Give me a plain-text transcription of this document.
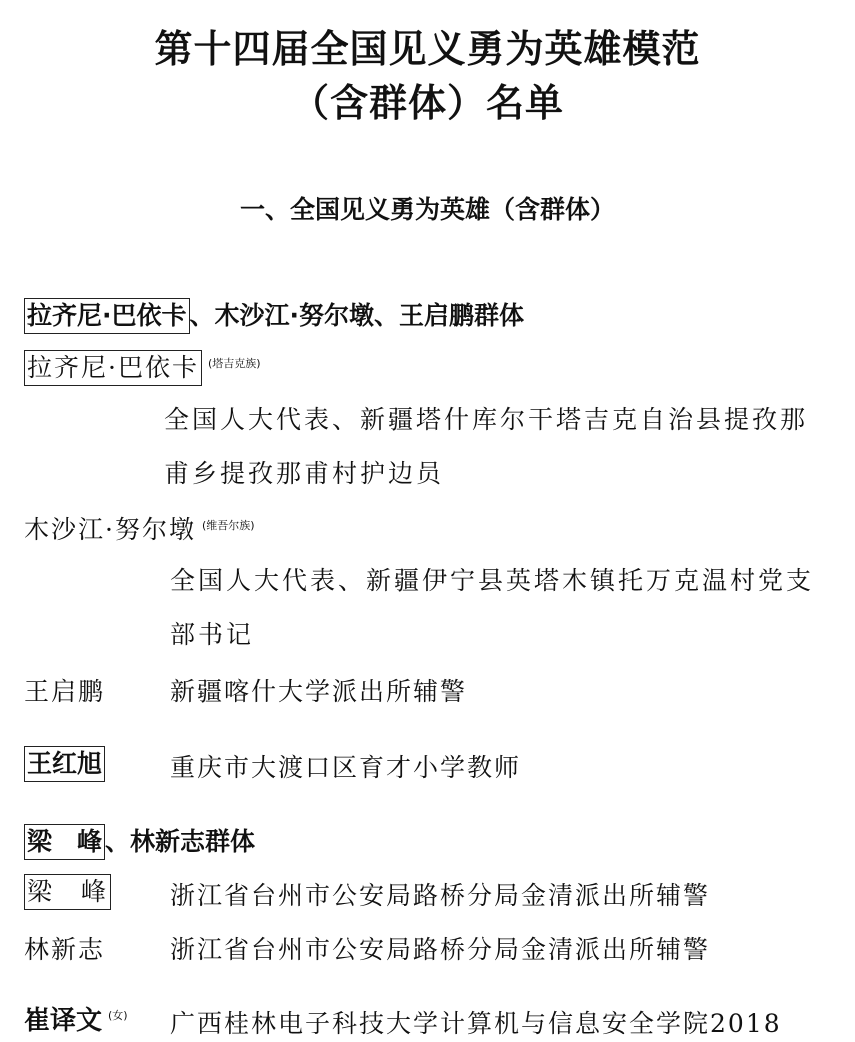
第十四届全国见义勇为英雄模范
（含群体）名单
一、全国见义勇为英雄（含群体）
拉齐尼·巴依卡 、木沙江·努尔墩、王启鹏群体
拉齐尼·巴依卡 $^{(塔吉克族)}$
全国人大代表、新疆塔什库尔干塔吉克自治县提孜那甫乡提孜那甫村护边员
木沙江·努尔墩 $^{(维吾尔族)}$
全国人大代表、新疆伊宁县英塔木镇托万克温村党支部书记
王启鹏	新疆喀什大学派出所辅警
王红旭	重庆市大渡口区育才小学教师
梁　峰 、林新志群体
梁　峰 浙江省台州市公安局路桥分局金清派出所辅警
林新志	浙江省台州市公安局路桥分局金清派出所辅警
崔译文 $^{(女)}$ 广西桂林电子科技大学计算机与信息安全学院2018
